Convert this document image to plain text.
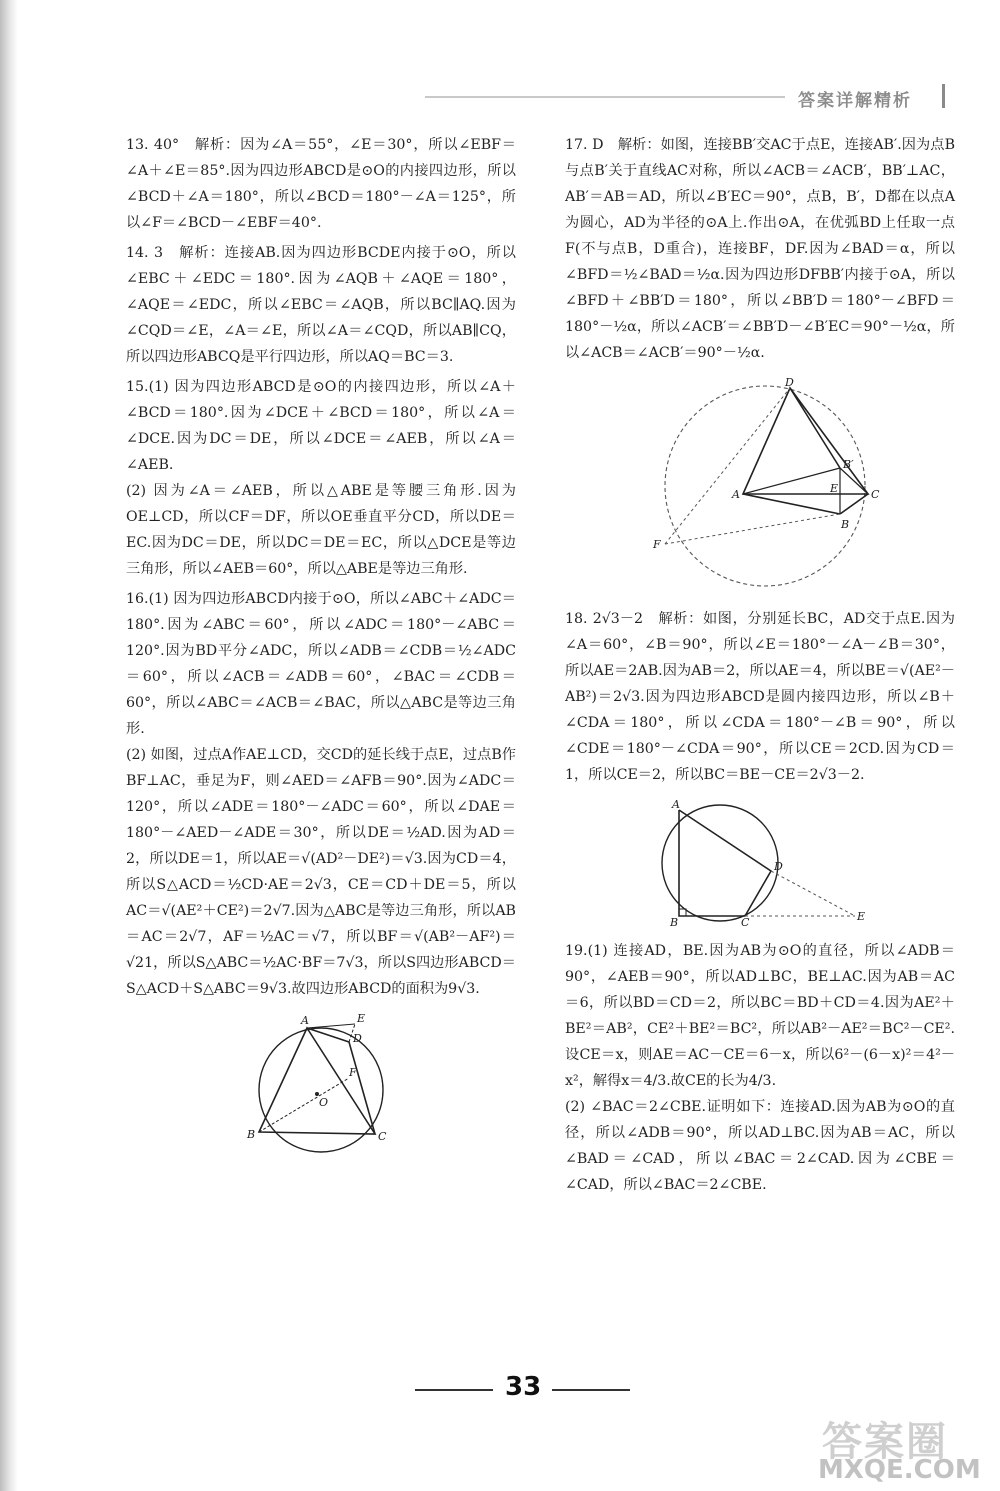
答案详解精析

13. 40°　解析：因为∠A＝55°，∠E＝30°，所以∠EBF＝∠A＋∠E＝85°.因为四边形ABCD是⊙O的内接四边形，所以∠BCD＋∠A＝180°，所以∠BCD＝180°－∠A＝125°，所以∠F＝∠BCD－∠EBF＝40°.

14. 3　解析：连接AB.因为四边形BCDE内接于⊙O，所以∠EBC＋∠EDC＝180°.因为∠AQB＋∠AQE＝180°，∠AQE＝∠EDC，所以∠EBC＝∠AQB，所以BC∥AQ.因为∠CQD＝∠E，∠A＝∠E，所以∠A＝∠CQD，所以AB∥CQ，所以四边形ABCQ是平行四边形，所以AQ＝BC＝3.

15.(1) 因为四边形ABCD是⊙O的内接四边形，所以∠A＋∠BCD＝180°.因为∠DCE＋∠BCD＝180°，所以∠A＝∠DCE.因为DC＝DE，所以∠DCE＝∠AEB，所以∠A＝∠AEB.

(2) 因为∠A＝∠AEB，所以△ABE是等腰三角形.因为OE⊥CD，所以CF＝DF，所以OE垂直平分CD，所以DE＝EC.因为DC＝DE，所以DC＝DE＝EC，所以△DCE是等边三角形，所以∠AEB＝60°，所以△ABE是等边三角形.

16.(1) 因为四边形ABCD内接于⊙O，所以∠ABC＋∠ADC＝180°.因为∠ABC＝60°，所以∠ADC＝180°－∠ABC＝120°.因为BD平分∠ADC，所以∠ADB＝∠CDB＝½∠ADC＝60°，所以∠ACB＝∠ADB＝60°，∠BAC＝∠CDB＝60°，所以∠ABC＝∠ACB＝∠BAC，所以△ABC是等边三角形.

(2) 如图，过点A作AE⊥CD，交CD的延长线于点E，过点B作BF⊥AC，垂足为F，则∠AED＝∠AFB＝90°.因为∠ADC＝120°，所以∠ADE＝180°－∠ADC＝60°，所以∠DAE＝180°－∠AED－∠ADE＝30°，所以DE＝½AD.因为AD＝2，所以DE＝1，所以AE＝√(AD²－DE²)＝√3.因为CD＝4，所以S△ACD＝½CD·AE＝2√3，CE＝CD＋DE＝5，所以AC＝√(AE²＋CE²)＝2√7.因为△ABC是等边三角形，所以AB＝AC＝2√7，AF＝½AC＝√7，所以BF＝√(AB²－AF²)＝√21，所以S△ABC＝½AC·BF＝7√3，所以S四边形ABCD＝S△ACD＋S△ABC＝9√3.故四边形ABCD的面积为9√3.

A	E
D
F
O
B	C

17. D　解析：如图，连接BB′交AC于点E，连接AB′.因为点B与点B′关于直线AC对称，所以∠ACB＝∠ACB′，BB′⊥AC，AB′＝AB＝AD，所以∠B′EC＝90°，点B，B′，D都在以点A为圆心，AD为半径的⊙A上.作出⊙A，在优弧BD上任取一点F(不与点B，D重合)，连接BF，DF.因为∠BAD＝α，所以∠BFD＝½∠BAD＝½α.因为四边形DFBB′内接于⊙A，所以∠BFD＋∠BB′D＝180°，所以∠BB′D＝180°－∠BFD＝180°－½α，所以∠ACB′＝∠BB′D－∠B′EC＝90°－½α，所以∠ACB＝∠ACB′＝90°－½α.

D
B′
A	E	C
F
B

18. 2√3－2　解析：如图，分别延长BC，AD交于点E.因为∠A＝60°，∠B＝90°，所以∠E＝180°－∠A－∠B＝30°，所以AE＝2AB.因为AB＝2，所以AE＝4，所以BE＝√(AE²－AB²)＝2√3.因为四边形ABCD是圆内接四边形，所以∠B＋∠CDA＝180°，所以∠CDA＝180°－∠B＝90°，所以∠CDE＝180°－∠CDA＝90°，所以CE＝2CD.因为CD＝1，所以CE＝2，所以BC＝BE－CE＝2√3－2.

A
D
B	C	E

19.(1) 连接AD，BE.因为AB为⊙O的直径，所以∠ADB＝90°，∠AEB＝90°，所以AD⊥BC，BE⊥AC.因为AB＝AC＝6，所以BD＝CD＝2，所以BC＝BD＋CD＝4.因为AE²＋BE²＝AB²，CE²＋BE²＝BC²，所以AB²－AE²＝BC²－CE².设CE＝x，则AE＝AC－CE＝6－x，所以6²－(6－x)²＝4²－x²，解得x＝4/3.故CE的长为4/3.

(2) ∠BAC＝2∠CBE.证明如下：连接AD.因为AB为⊙O的直径，所以∠ADB＝90°，所以AD⊥BC.因为AB＝AC，所以∠BAD＝∠CAD，所以∠BAC＝2∠CAD.因为∠CBE＝∠CAD，所以∠BAC＝2∠CBE.

33
答案圈
MXQE.COM
